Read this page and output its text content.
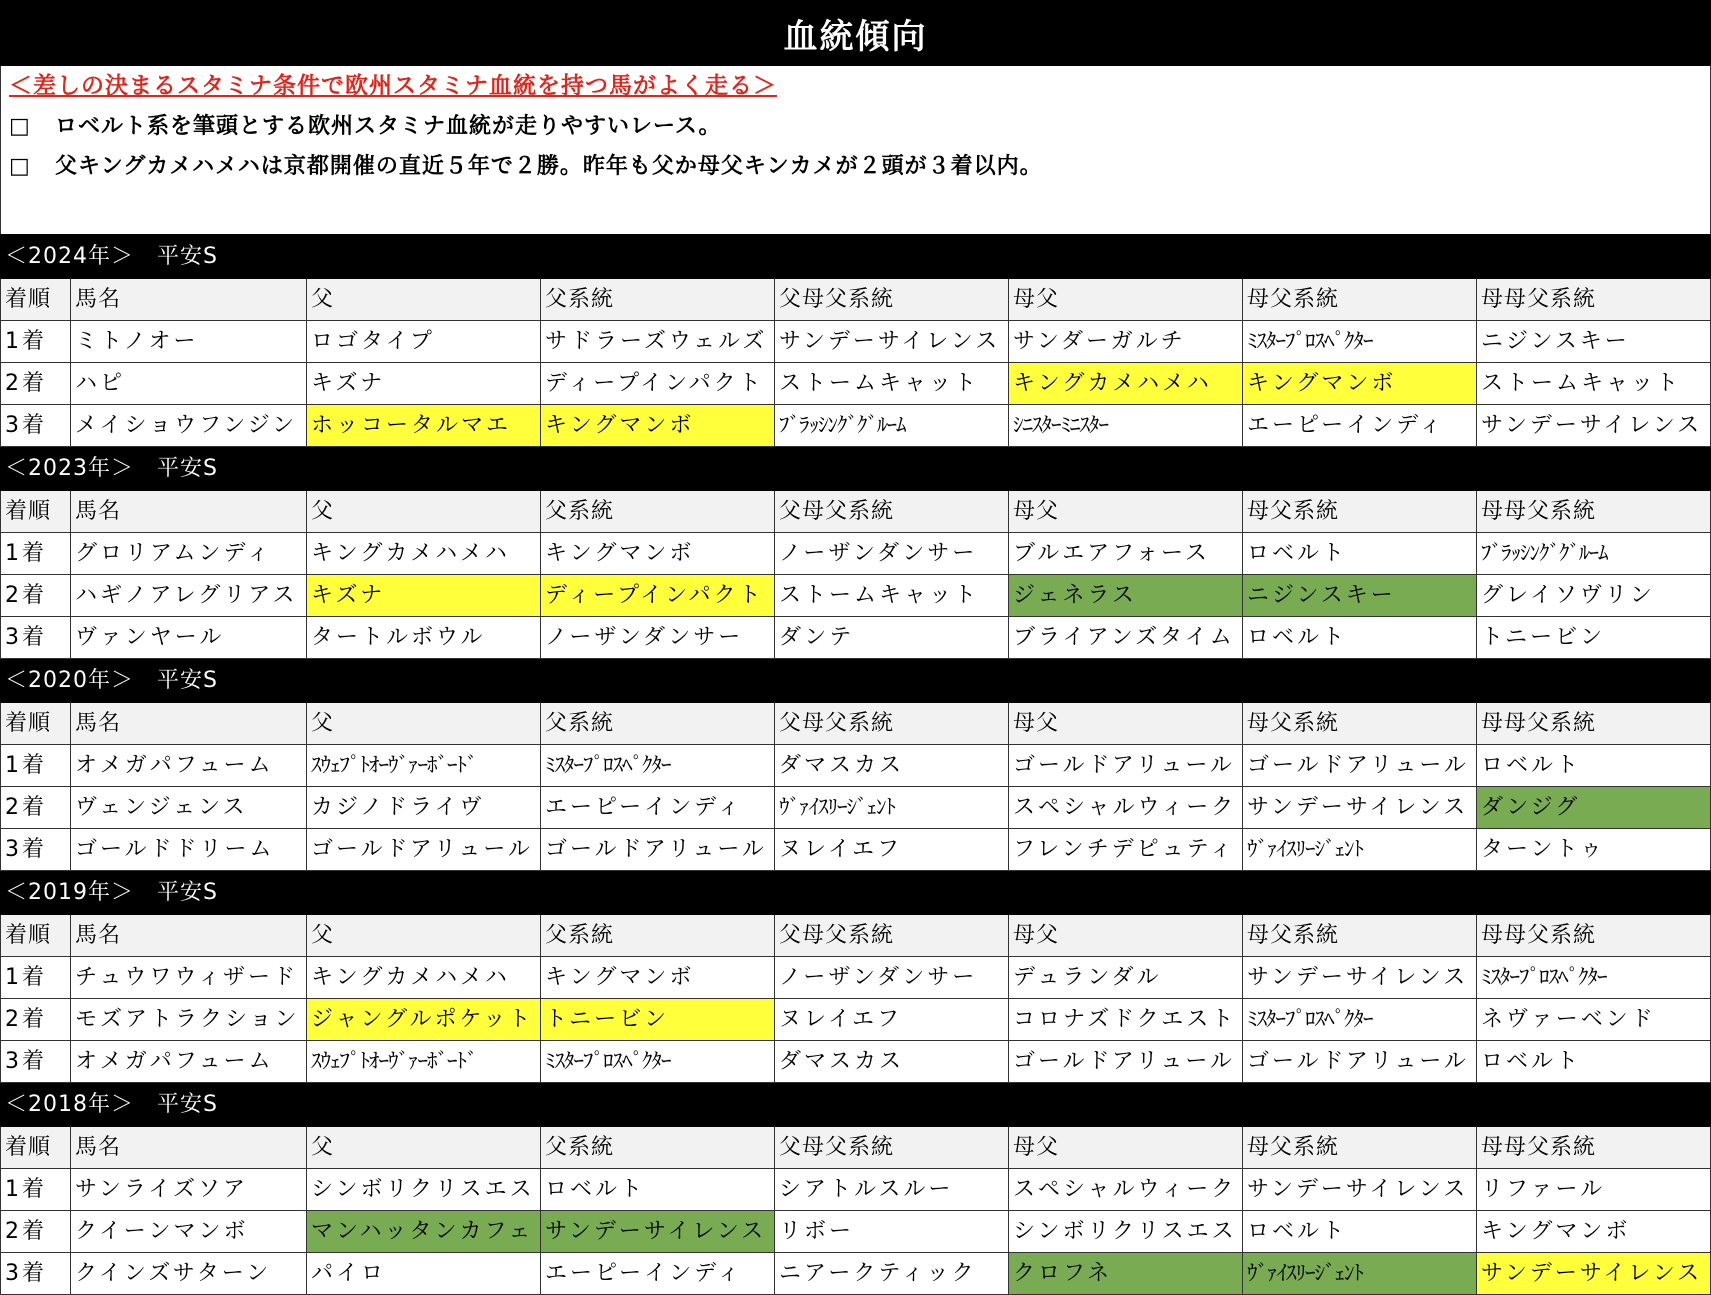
血統傾向
＜差しの決まるスタミナ条件で欧州スタミナ血統を持つ馬がよく走る＞
□ ロベルト系を筆頭とする欧州スタミナ血統が走りやすいレース。
□ 父キングカメハメハは京都開催の直近５年で２勝。昨年も父か母父キンカメが２頭が３着以内。
＜2024年＞　平安S							
着順	馬名	父	父系統	父母父系統	母父	母父系統	母母父系統
1着	ミトノオー	ロゴタイプ	サドラーズウェルズ	サンデーサイレンス	サンダーガルチ	ﾐｽﾀｰﾌﾟﾛｽﾍﾟｸﾀｰ	ニジンスキー
2着	ハピ	キズナ	ディープインパクト	ストームキャット	キングカメハメハ	キングマンボ	ストームキャット
3着	メイショウフンジン	ホッコータルマエ	キングマンボ	ﾌﾞﾗｯｼﾝｸﾞｸﾞﾙｰﾑ	ｼﾆｽﾀｰﾐﾆｽﾀｰ	エーピーインディ	サンデーサイレンス
＜2023年＞　平安S							
着順	馬名	父	父系統	父母父系統	母父	母父系統	母母父系統
1着	グロリアムンディ	キングカメハメハ	キングマンボ	ノーザンダンサー	ブルエアフォース	ロベルト	ﾌﾞﾗｯｼﾝｸﾞｸﾞﾙｰﾑ
2着	ハギノアレグリアス	キズナ	ディープインパクト	ストームキャット	ジェネラス	ニジンスキー	グレイソヴリン
3着	ヴァンヤール	タートルボウル	ノーザンダンサー	ダンテ	ブライアンズタイム	ロベルト	トニービン
＜2020年＞　平安S							
着順	馬名	父	父系統	父母父系統	母父	母父系統	母母父系統
1着	オメガパフューム	ｽｳｪﾌﾟﾄｵｰｳﾞｧｰﾎﾞｰﾄﾞ	ﾐｽﾀｰﾌﾟﾛｽﾍﾟｸﾀｰ	ダマスカス	ゴールドアリュール	ゴールドアリュール	ロベルト
2着	ヴェンジェンス	カジノドライヴ	エーピーインディ	ｳﾞｧｲｽﾘｰｼﾞｪﾝﾄ	スペシャルウィーク	サンデーサイレンス	ダンジグ
3着	ゴールドドリーム	ゴールドアリュール	ゴールドアリュール	ヌレイエフ	フレンチデピュティ	ｳﾞｧｲｽﾘｰｼﾞｪﾝﾄ	ターントゥ
＜2019年＞　平安S							
着順	馬名	父	父系統	父母父系統	母父	母父系統	母母父系統
1着	チュウワウィザード	キングカメハメハ	キングマンボ	ノーザンダンサー	デュランダル	サンデーサイレンス	ﾐｽﾀｰﾌﾟﾛｽﾍﾟｸﾀｰ
2着	モズアトラクション	ジャングルポケット	トニービン	ヌレイエフ	コロナズドクエスト	ﾐｽﾀｰﾌﾟﾛｽﾍﾟｸﾀｰ	ネヴァーベンド
3着	オメガパフューム	ｽｳｪﾌﾟﾄｵｰｳﾞｧｰﾎﾞｰﾄﾞ	ﾐｽﾀｰﾌﾟﾛｽﾍﾟｸﾀｰ	ダマスカス	ゴールドアリュール	ゴールドアリュール	ロベルト
＜2018年＞　平安S							
着順	馬名	父	父系統	父母父系統	母父	母父系統	母母父系統
1着	サンライズソア	シンボリクリスエス	ロベルト	シアトルスルー	スペシャルウィーク	サンデーサイレンス	リファール
2着	クイーンマンボ	マンハッタンカフェ	サンデーサイレンス	リボー	シンボリクリスエス	ロベルト	キングマンボ
3着	クインズサターン	パイロ	エーピーインディ	ニアークティック	クロフネ	ｳﾞｧｲｽﾘｰｼﾞｪﾝﾄ	サンデーサイレンス
